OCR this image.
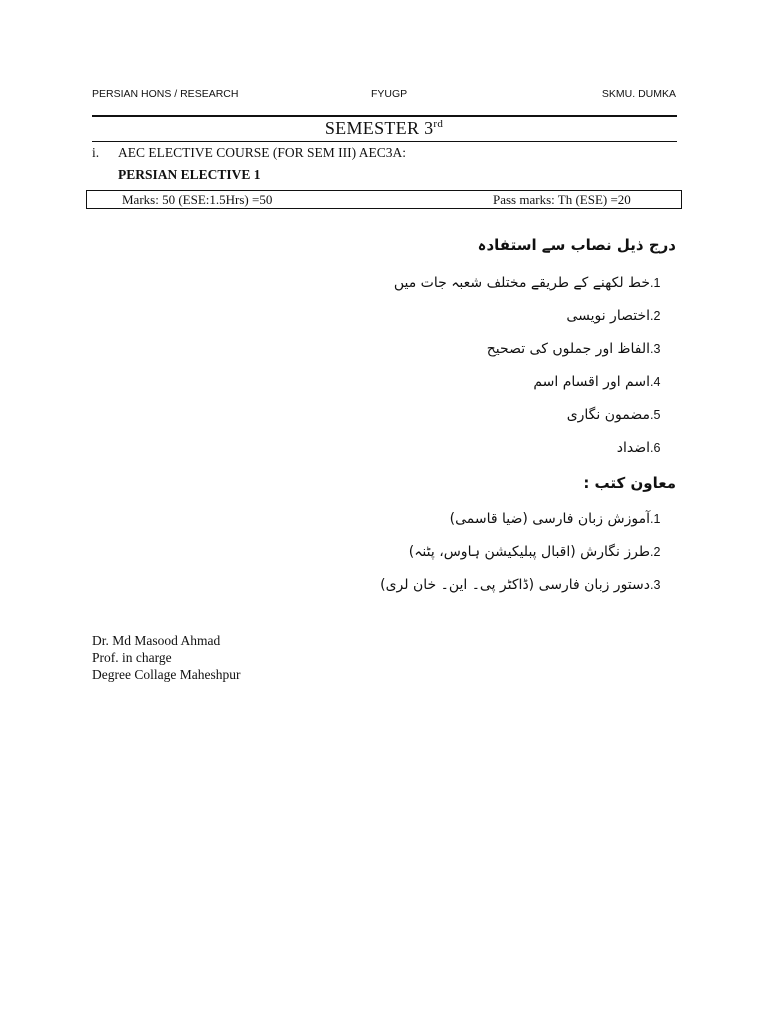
PERSIAN HONS / RESEARCH	FYUGP	SKMU. DUMKA
SEMESTER 3rd
i. AEC ELECTIVE COURSE (FOR SEM III) AEC3A:
PERSIAN ELECTIVE 1
Marks: 50 (ESE:1.5Hrs) =50	Pass marks: Th (ESE) =20
درج ذیل نصاب سے استفادہ
1.خط لکھنے کے طریقے مختلف شعبہ جات میں
2.اختصار نویسی
3.الفاظ اور جملوں کی تصحیح
4.اسم اور اقسام اسم
5.مضمون نگاری
6.اضداد
معاون کتب :
1.آموزش زبان فارسی (ضیا قاسمی)
2.طرز نگارش (اقبال پبلیکیشن ہاوس، پٹنہ)
3.دستور زبان فارسی (ڈاکٹر پی۔ این۔ خان لری)
Dr. Md Masood Ahmad
Prof. in charge
Degree Collage Maheshpur
